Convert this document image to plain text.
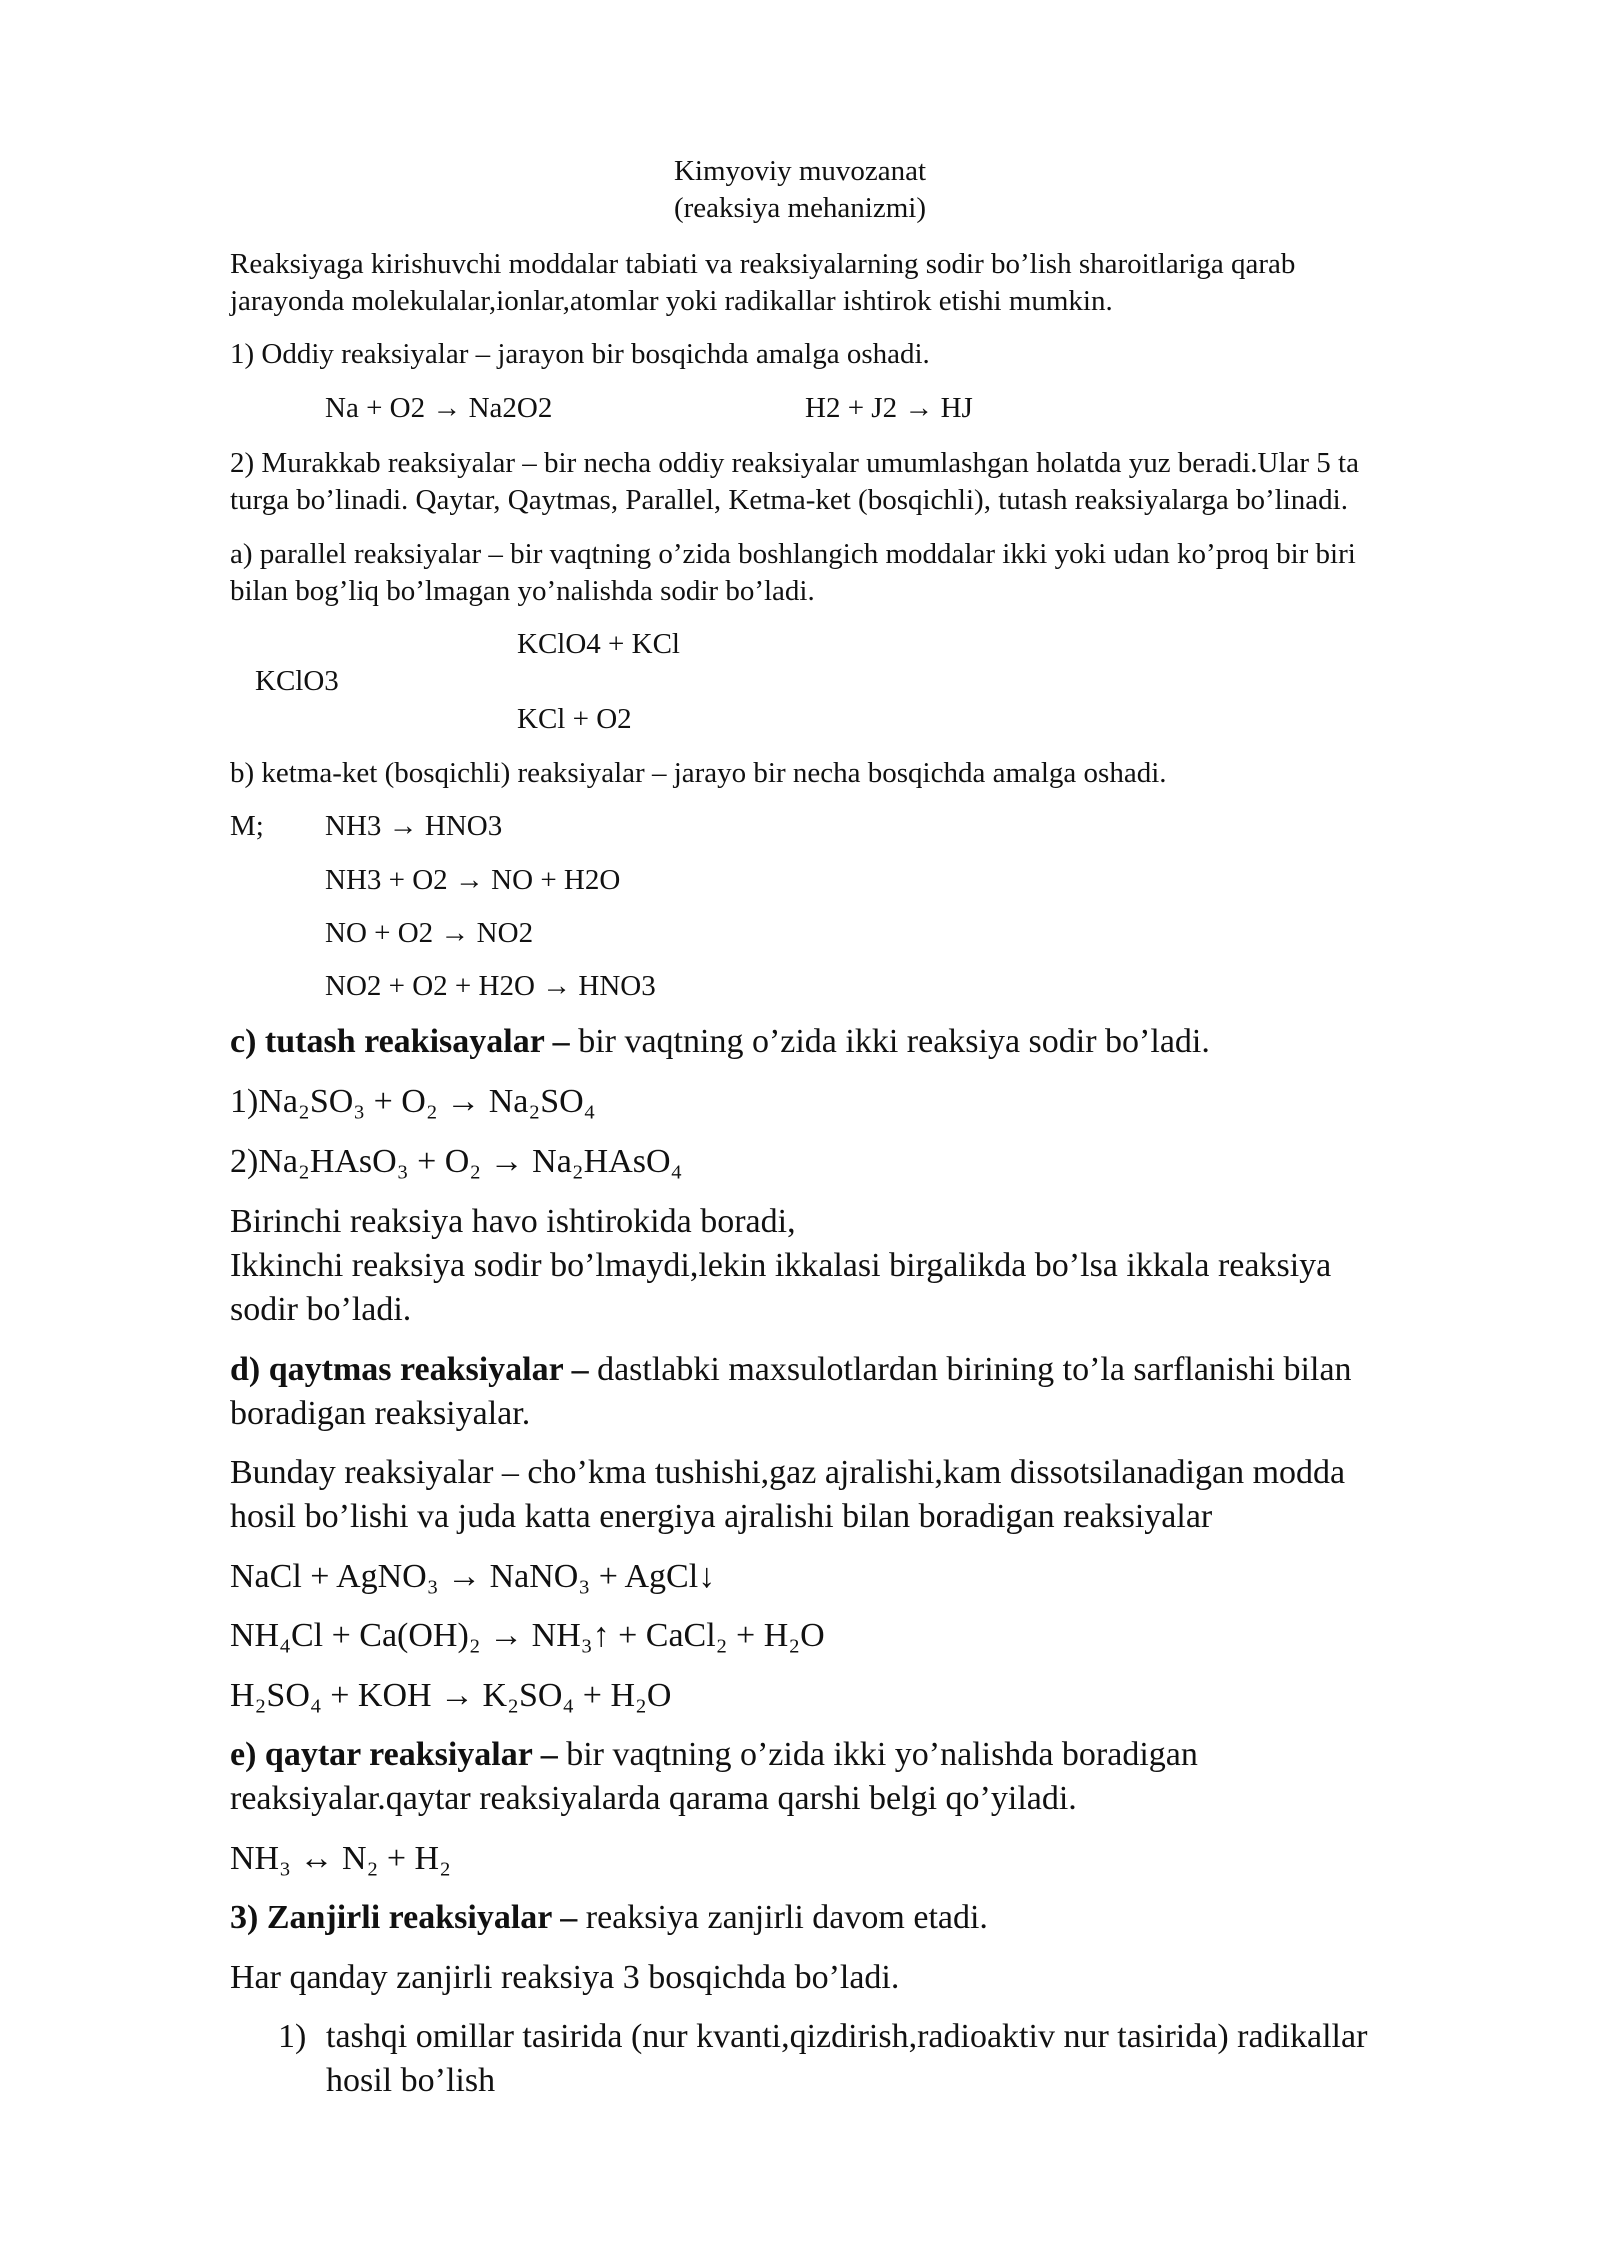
Kimyoviy muvozanat

(reaksiya mehanizmi)

Reaksiyaga kirishuvchi moddalar tabiati va reaksiyalarning sodir bo’lish sharoitlariga qarab

jarayonda molekulalar,ionlar,atomlar yoki radikallar ishtirok etishi mumkin.

1) Oddiy reaksiyalar – jarayon bir bosqichda amalga oshadi.

Na + O2 → Na2O2	H2 + J2 → HJ

2) Murakkab reaksiyalar – bir necha oddiy reaksiyalar umumlashgan holatda yuz beradi.Ular 5 ta

turga bo’linadi. Qaytar, Qaytmas, Parallel, Ketma-ket (bosqichli), tutash reaksiyalarga bo’linadi.

a) parallel reaksiyalar – bir vaqtning o’zida boshlangich moddalar ikki yoki udan ko’proq bir biri

bilan bog’liq bo’lmagan yo’nalishda sodir bo’ladi.

KClO4 + KCl

KClO3

KCl + O2

b) ketma-ket (bosqichli) reaksiyalar – jarayo bir necha bosqichda amalga oshadi.

M; NH3 → HNO3

NH3 + O2 → NO + H2O

NO + O2 → NO2

NO2 + O2 + H2O → HNO3

c) tutash reakisayalar – bir vaqtning o’zida ikki reaksiya sodir bo’ladi.

1)Na₂SO₃ + O₂ → Na₂SO₄

2)Na₂HAsO₃ + O₂ → Na₂HAsO₄

Birinchi reaksiya havo ishtirokida boradi,

Ikkinchi reaksiya sodir bo’lmaydi,lekin ikkalasi birgalikda bo’lsa ikkala reaksiya

sodir bo’ladi.

d) qaytmas reaksiyalar – dastlabki maxsulotlardan birining to’la sarflanishi bilan

boradigan reaksiyalar.

Bunday reaksiyalar – cho’kma tushishi,gaz ajralishi,kam dissotsilanadigan modda

hosil bo’lishi va juda katta energiya ajralishi bilan boradigan reaksiyalar

NaCl + AgNO₃ → NaNO₃ + AgCl↓

NH₄Cl + Ca(OH)₂ → NH₃↑ + CaCl₂ + H₂O

H₂SO₄ + KOH → K₂SO₄ + H₂O

e) qaytar reaksiyalar – bir vaqtning o’zida ikki yo’nalishda boradigan

reaksiyalar.qaytar reaksiyalarda qarama qarshi belgi qo’yiladi.

NH₃ ↔ N₂ + H₂

3) Zanjirli reaksiyalar – reaksiya zanjirli davom etadi.

Har qanday zanjirli reaksiya 3 bosqichda bo’ladi.

1) tashqi omillar tasirida (nur kvanti,qizdirish,radioaktiv nur tasirida) radikallar

hosil bo’lish
